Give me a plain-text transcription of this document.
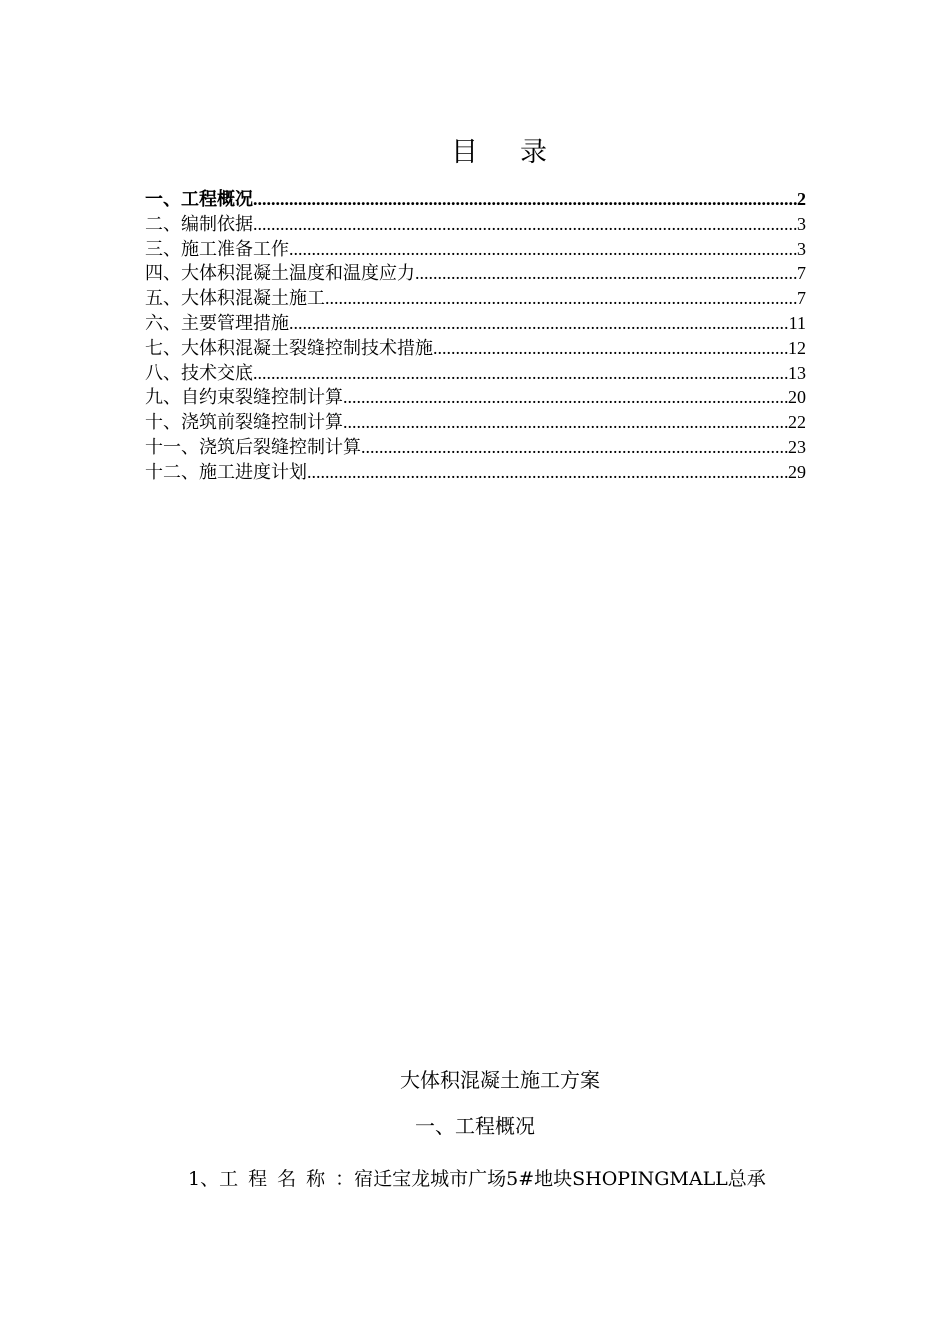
目 录
一、工程概况 .....	2
二、编制依据 .....	3
三、施工准备工作 .....	3
四、大体积混凝土温度和温度应力 .....	7
五、大体积混凝土施工 .....	7
六、主要管理措施 .....	11
七、大体积混凝土裂缝控制技术措施 .....	12
八、技术交底 .....	13
九、自约束裂缝控制计算 .....	20
十、浇筑前裂缝控制计算 .....	22
十一、浇筑后裂缝控制计算 .....	23
十二、施工进度计划 .....	29
大体积混凝土施工方案
一、工程概况
1、工程名称：宿迁宝龙城市广场5#地块SHOPINGMALL总承
